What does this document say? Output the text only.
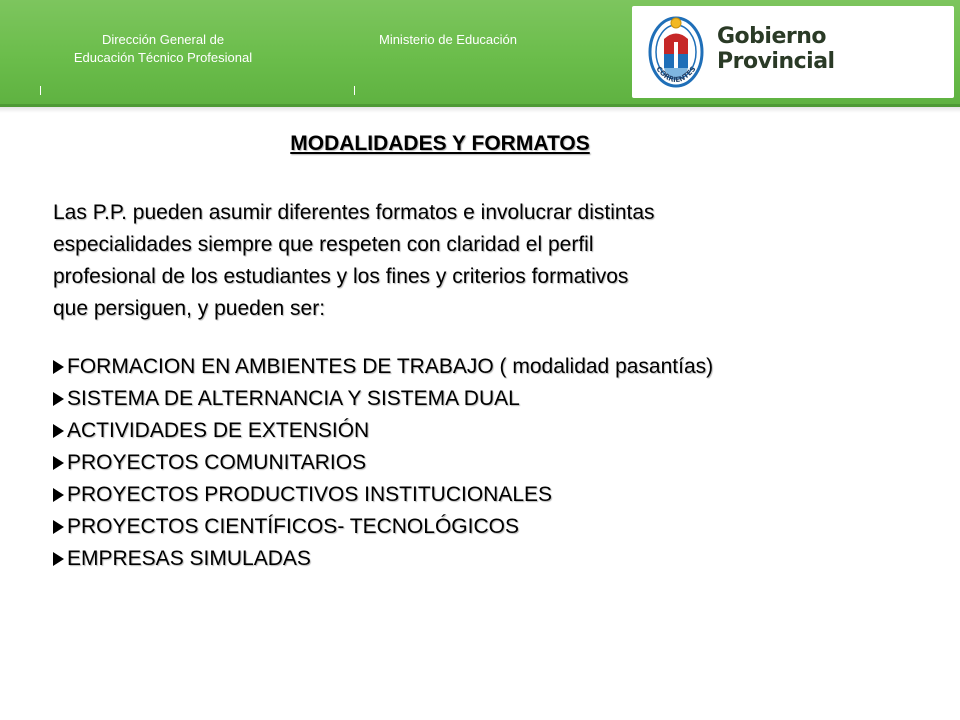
Dirección General de
Educación Técnico Profesional
Ministerio de Educación
CORRIENTES
Gobierno
Provincial
MODALIDADES Y FORMATOS
Las P.P. pueden asumir diferentes formatos e involucrar distintas
especialidades siempre que respeten con claridad el perfil
profesional de los estudiantes y los fines y criterios formativos
que persiguen, y pueden ser:
FORMACION EN AMBIENTES DE TRABAJO ( modalidad pasantías)
SISTEMA DE ALTERNANCIA Y SISTEMA DUAL
ACTIVIDADES DE EXTENSIÓN
PROYECTOS COMUNITARIOS
PROYECTOS PRODUCTIVOS INSTITUCIONALES
PROYECTOS CIENTÍFICOS- TECNOLÓGICOS
EMPRESAS SIMULADAS
